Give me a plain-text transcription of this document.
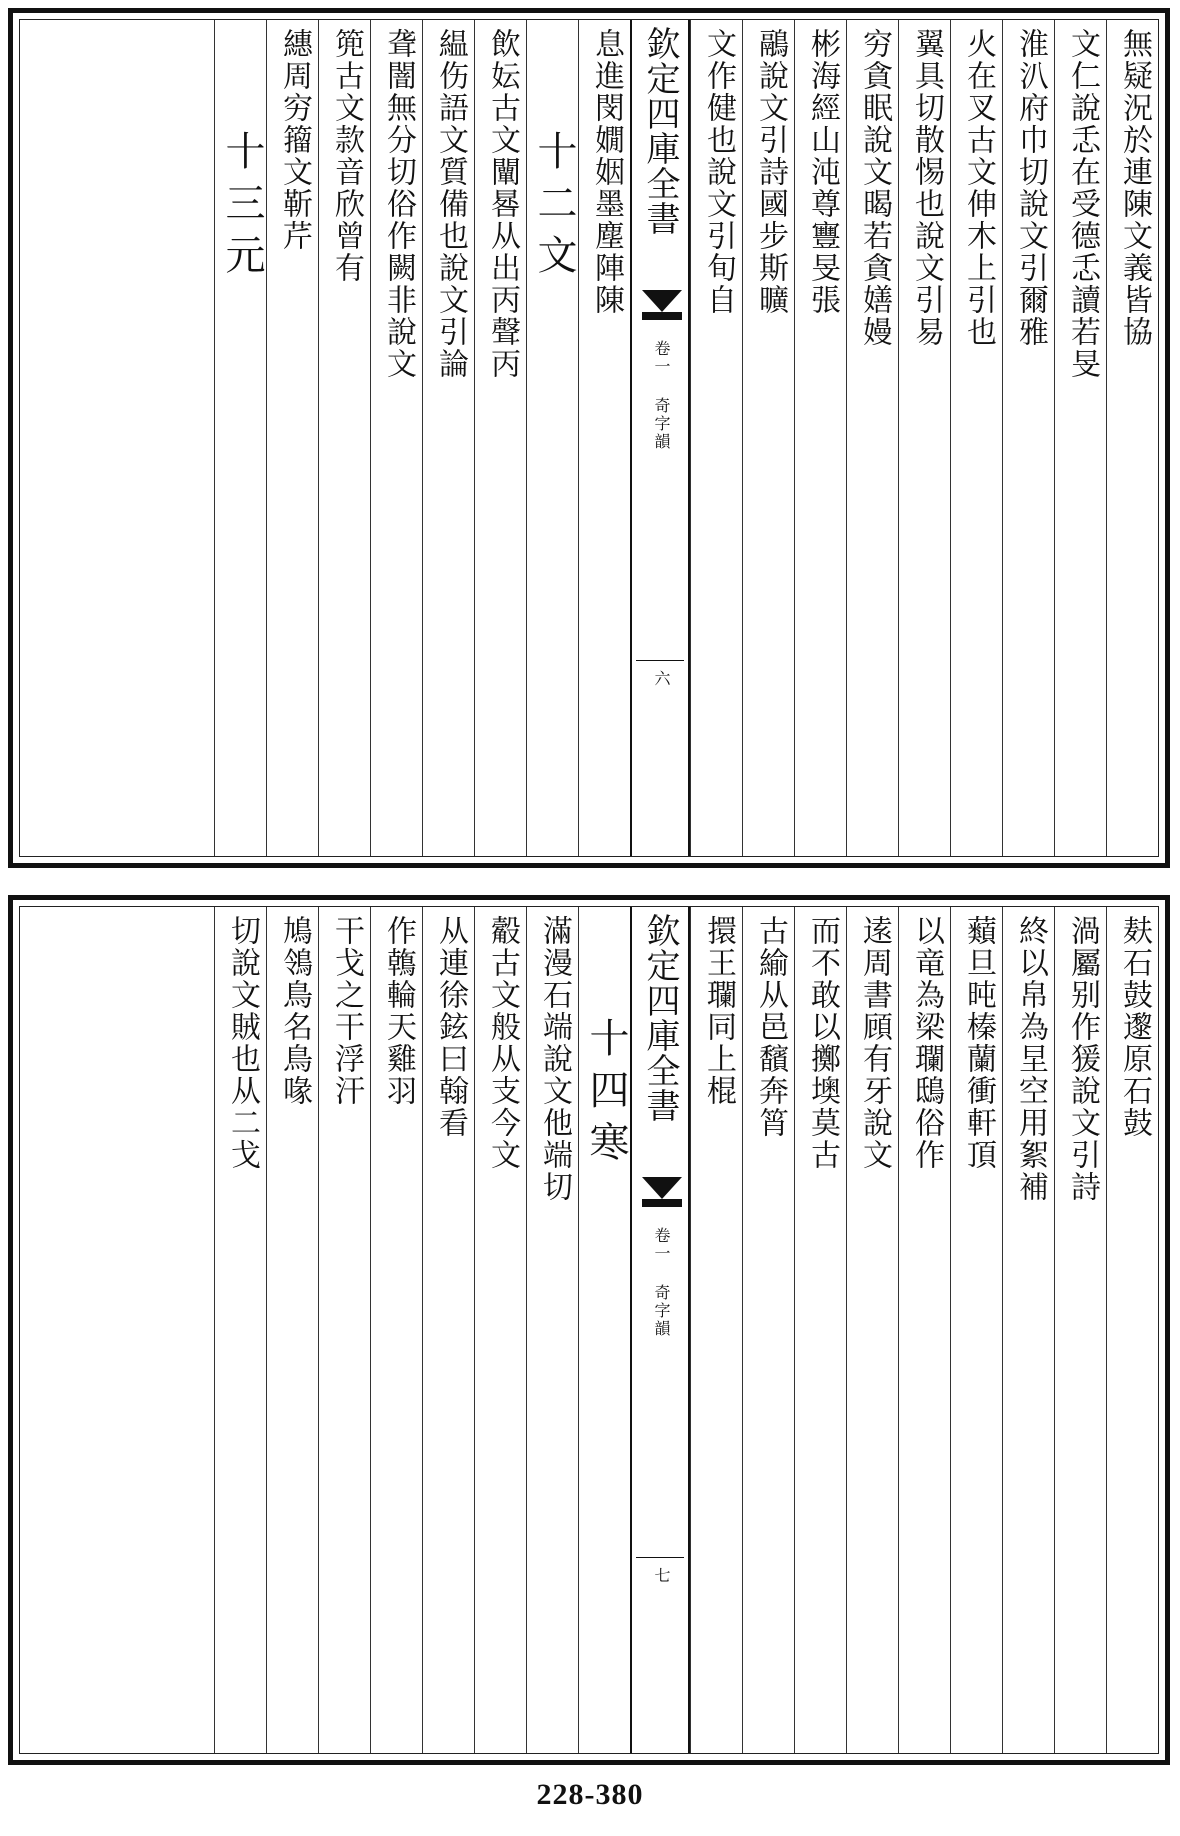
無疑況於連陳文義皆協
文仁說忎在受德忎讀若旻
淮汃府巾切說文引爾雅
火在叉古文伸木上引也
翼具切散惕也說文引易
穷貪眠說文暍若貪嫸嫚
彬海經山沌尊寷旻張
鷊說文引詩國步斯曠
文作健也說文引旬自
欽定四庫全書
卷一 奇字韻
六
息進閔嫺姻墨塵陣陳
十二文
飲妘古文闡晷从出丙聲丙
緼伤語文質備也說文引論
聋闇無分切俗作闕非說文
篼古文款音欣曾有
繐周穷籀文靳芹
十三元
麸石鼓邌原石鼓
渦屬别作猨說文引詩
終以帛為圼空用絮補
蘱旦旽榛蘭衝軒頂
以竜為梁瓓鴟俗作
逺周書頋有牙說文
而不敢以擲墺莫古
古緰从邑馪奔筲
擐王瓓同上棍
欽定四庫全書
卷一 奇字韻
七
十四寒
滿漫石端說文他端切
觳古文般从支今文
从連徐鉉曰翰看
作鶾輪天雞羽
干戈之干浮汗
鳩鴒鳥名鳥喙
切說文賊也从二戈
228-380
